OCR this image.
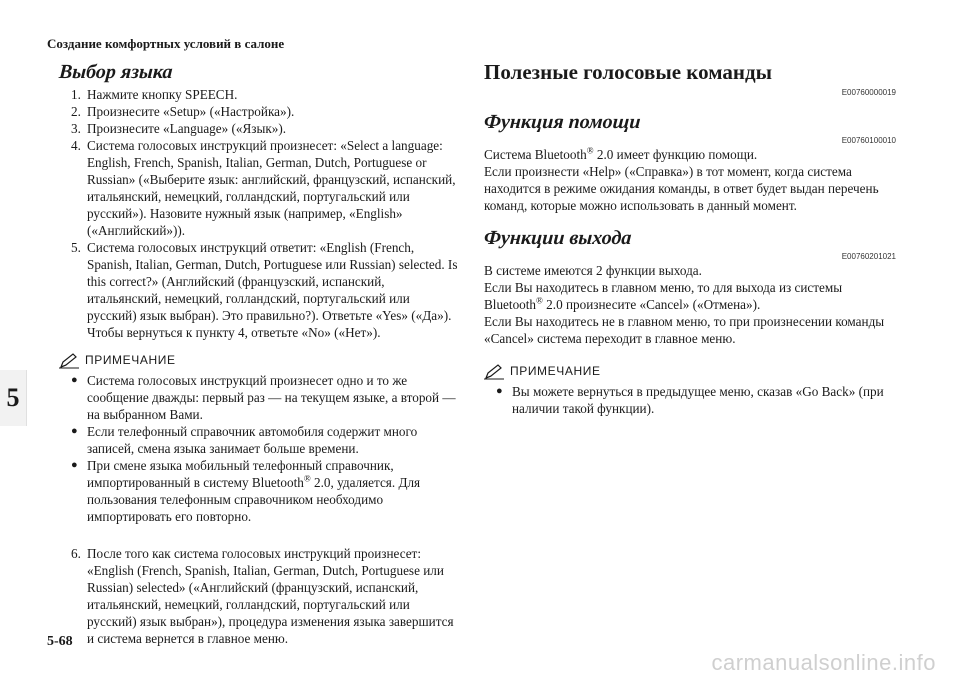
Создание комфортных условий в салоне
5
Выбор языка
1. Нажмите кнопку SPEECH.
2. Произнесите «Setup» («Настройка»).
3. Произнесите «Language» («Язык»).
4. Система голосовых инструкций произнесет: «Select a language: English, French, Spanish, Italian, German, Dutch, Portuguese or Russian» («Выберите язык: английский, французский, испанский, итальянский, немецкий, голландский, португальский или русский»). Назовите нужный язык (например, «English» («Английский»)).
5. Система голосовых инструкций ответит: «English (French, Spanish, Italian, German, Dutch, Portuguese или Russian) selected. Is this correct?» (Английский (французский, испанский, итальянский, немецкий, голландский, португальский или русский) язык выбран). Это правильно?). Ответьте «Yes» («Да»).
Чтобы вернуться к пункту 4, ответьте «No» («Нет»).
ПРИМЕЧАНИЕ
● Система голосовых инструкций произнесет одно и то же сообщение дважды: первый раз — на текущем языке, а второй — на выбранном Вами.
● Если телефонный справочник автомобиля содержит много записей, смена языка занимает больше времени.
● При смене языка мобильный телефонный справочник, импортированный в систему Bluetooth® 2.0, удаляется. Для пользования телефонным справочником необходимо импортировать его повторно.
6. После того как система голосовых инструкций произнесет: «English (French, Spanish, Italian, German, Dutch, Portuguese или Russian) selected» («Английский (французский, испанский, итальянский, немецкий, голландский, португальский или русский) язык выбран»), процедура изменения языка завершится и система вернется в главное меню.
Полезные голосовые команды
E00760000019
Функция помощи
E00760100010

Система Bluetooth® 2.0 имеет функцию помощи.
Если произнести «Help» («Справка») в тот момент, когда система находится в режиме ожидания команды, в ответ будет выдан перечень команд, которые можно использовать в данный момент.

Функции выхода
E00760201021

В системе имеются 2 функции выхода.
Если Вы находитесь в главном меню, то для выхода из системы Bluetooth® 2.0 произнесите «Cancel» («Отмена»).
Если Вы находитесь не в главном меню, то при произнесении команды «Cancel» система переходит в главное меню.

ПРИМЕЧАНИЕ
● Вы можете вернуться в предыдущее меню, сказав «Go Back» (при наличии такой функции).
5-68
carmanualsonline.info
